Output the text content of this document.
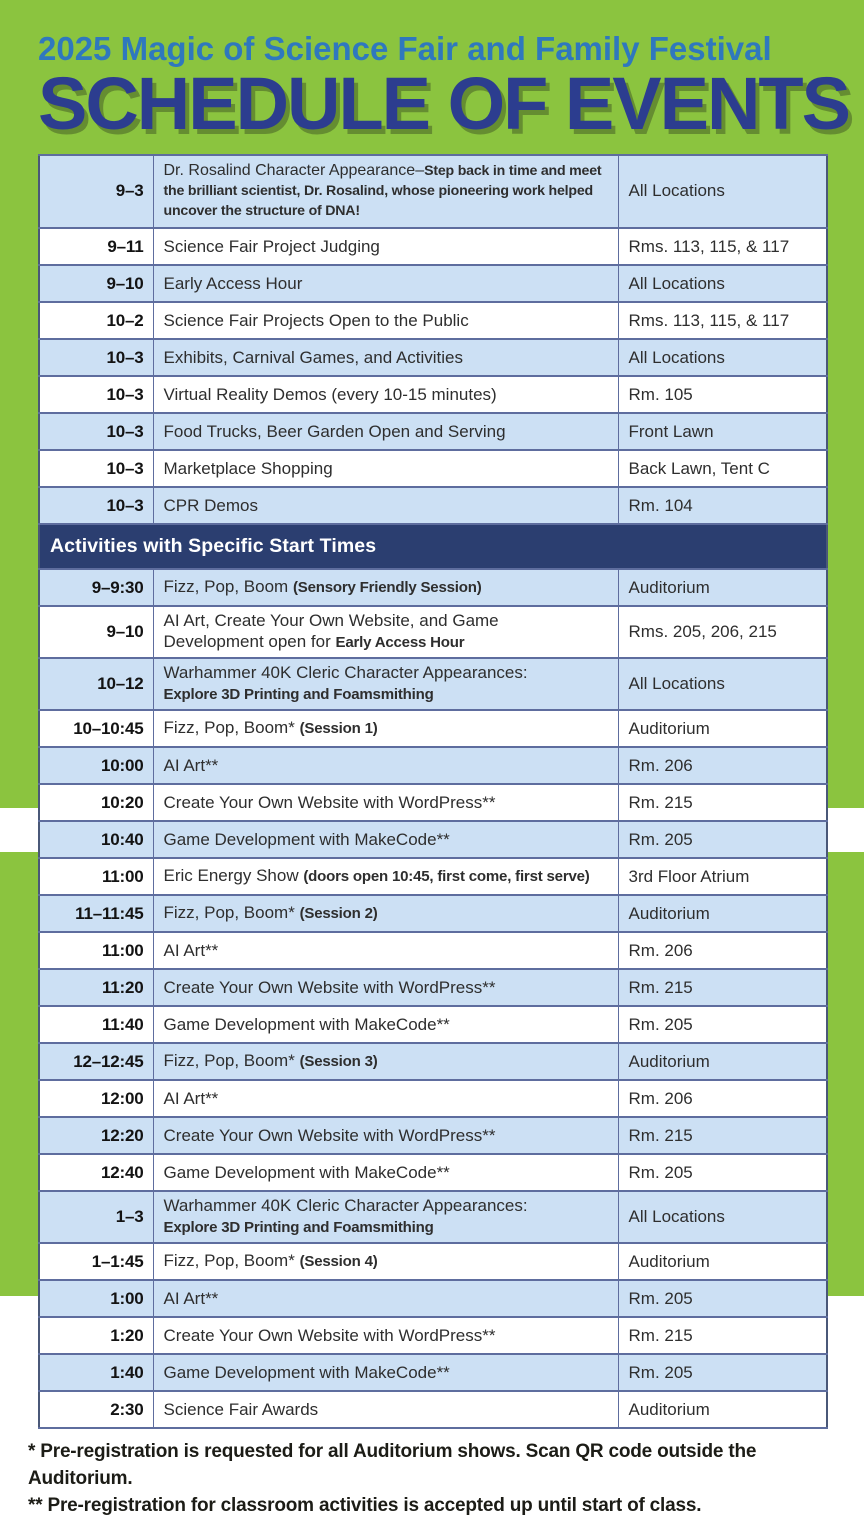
2025 Magic of Science Fair and Family Festival
SCHEDULE OF EVENTS
9–3	Dr. Rosalind Character Appearance–Step back in time and meet the brilliant scientist, Dr. Rosalind, whose pioneering work helped uncover the structure of DNA!	All Locations
9–11	Science Fair Project Judging	Rms. 113, 115, & 117
9–10	Early Access Hour	All Locations
10–2	Science Fair Projects Open to the Public	Rms. 113, 115, & 117
10–3	Exhibits, Carnival Games, and Activities	All Locations
10–3	Virtual Reality Demos (every 10-15 minutes)	Rm. 105
10–3	Food Trucks, Beer Garden Open and Serving	Front Lawn
10–3	Marketplace Shopping	Back Lawn, Tent C
10–3	CPR Demos	Rm. 104
Activities with Specific Start Times		
9–9:30	Fizz, Pop, Boom (Sensory Friendly Session)	Auditorium
9–10	AI Art, Create Your Own Website, and Game
Development open for Early Access Hour	Rms. 205, 206, 215
10–12	Warhammer 40K Cleric Character Appearances:
Explore 3D Printing and Foamsmithing	All Locations
10–10:45	Fizz, Pop, Boom* (Session 1)	Auditorium
10:00	AI Art**	Rm. 206
10:20	Create Your Own Website with WordPress**	Rm. 215
10:40	Game Development with MakeCode**	Rm. 205
11:00	Eric Energy Show (doors open 10:45, first come, first serve)	3rd Floor Atrium
11–11:45	Fizz, Pop, Boom* (Session 2)	Auditorium
11:00	AI Art**	Rm. 206
11:20	Create Your Own Website with WordPress**	Rm. 215
11:40	Game Development with MakeCode**	Rm. 205
12–12:45	Fizz, Pop, Boom* (Session 3)	Auditorium
12:00	AI Art**	Rm. 206
12:20	Create Your Own Website with WordPress**	Rm. 215
12:40	Game Development with MakeCode**	Rm. 205
1–3	Warhammer 40K Cleric Character Appearances:
Explore 3D Printing and Foamsmithing	All Locations
1–1:45	Fizz, Pop, Boom* (Session 4)	Auditorium
1:00	AI Art**	Rm. 205
1:20	Create Your Own Website with WordPress**	Rm. 215
1:40	Game Development with MakeCode**	Rm. 205
2:30	Science Fair Awards	Auditorium
* Pre-registration is requested for all Auditorium shows. Scan QR code outside the Auditorium.
** Pre-registration for classroom activities is accepted up until start of class.
